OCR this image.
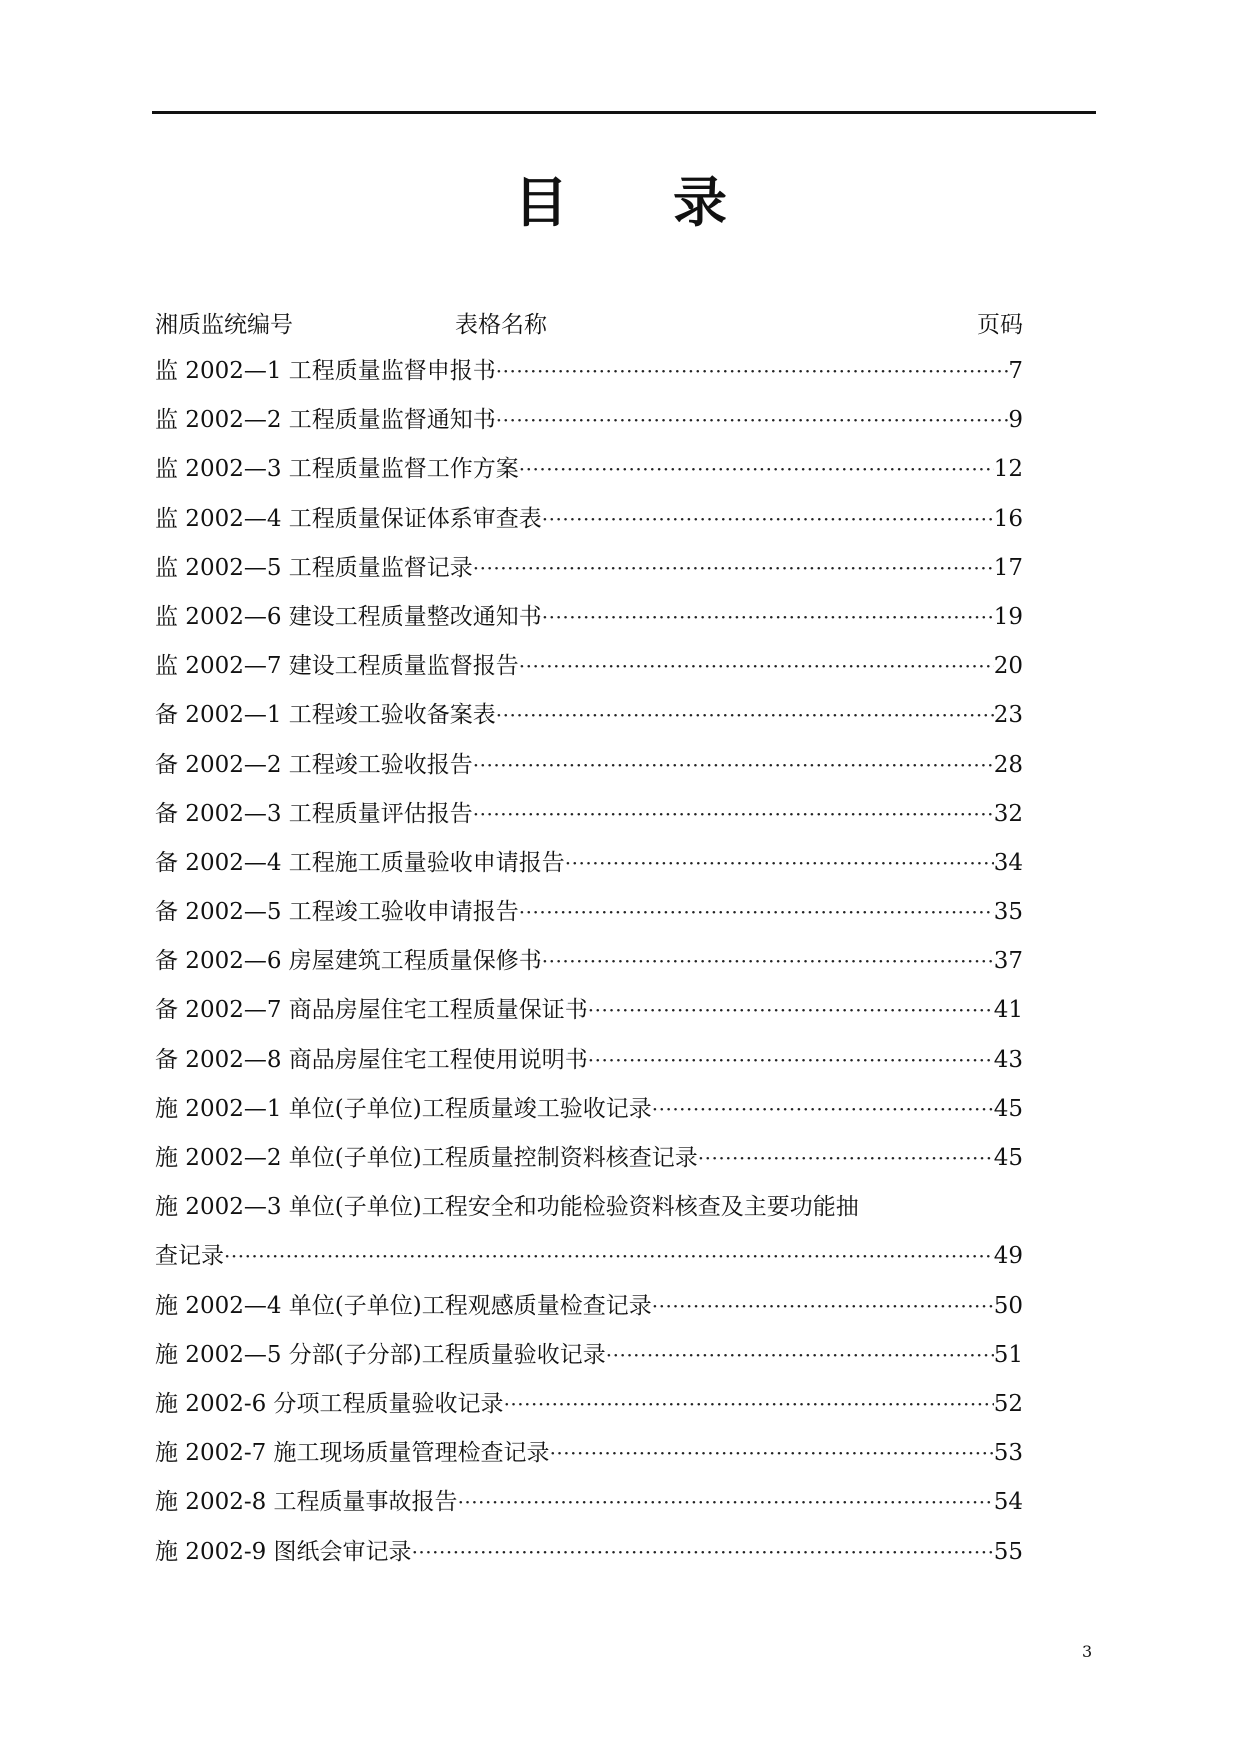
目 录
湘质监统编号	表格名称	页码
监 2002—1 工程质量监督申报书 ·····	7
监 2002—2 工程质量监督通知书 ·····	9
监 2002—3 工程质量监督工作方案 ·····	12
监 2002—4 工程质量保证体系审查表 ·····	16
监 2002—5 工程质量监督记录 ·····	17
监 2002—6 建设工程质量整改通知书 ·····	19
监 2002—7 建设工程质量监督报告 ·····	20
备 2002—1 工程竣工验收备案表 ·····	23
备 2002—2 工程竣工验收报告 ·····	28
备 2002—3 工程质量评估报告 ·····	32
备 2002—4 工程施工质量验收申请报告 ·····	34
备 2002—5 工程竣工验收申请报告 ·····	35
备 2002—6 房屋建筑工程质量保修书 ·····	37
备 2002—7 商品房屋住宅工程质量保证书 ·····	41
备 2002—8 商品房屋住宅工程使用说明书 ·····	43
施 2002—1 单位(子单位)工程质量竣工验收记录 ·····	45
施 2002—2 单位(子单位)工程质量控制资料核查记录 ·····	45
施 2002—3 单位(子单位)工程安全和功能检验资料核查及主要功能抽
查记录 ·····	49
施 2002—4 单位(子单位)工程观感质量检查记录 ·····	50
施 2002—5 分部(子分部)工程质量验收记录 ·····	51
施 2002-6 分项工程质量验收记录 ·····	52
施 2002-7 施工现场质量管理检查记录 ·····	53
施 2002-8 工程质量事故报告 ·····	54
施 2002-9 图纸会审记录 ·····	55
3
